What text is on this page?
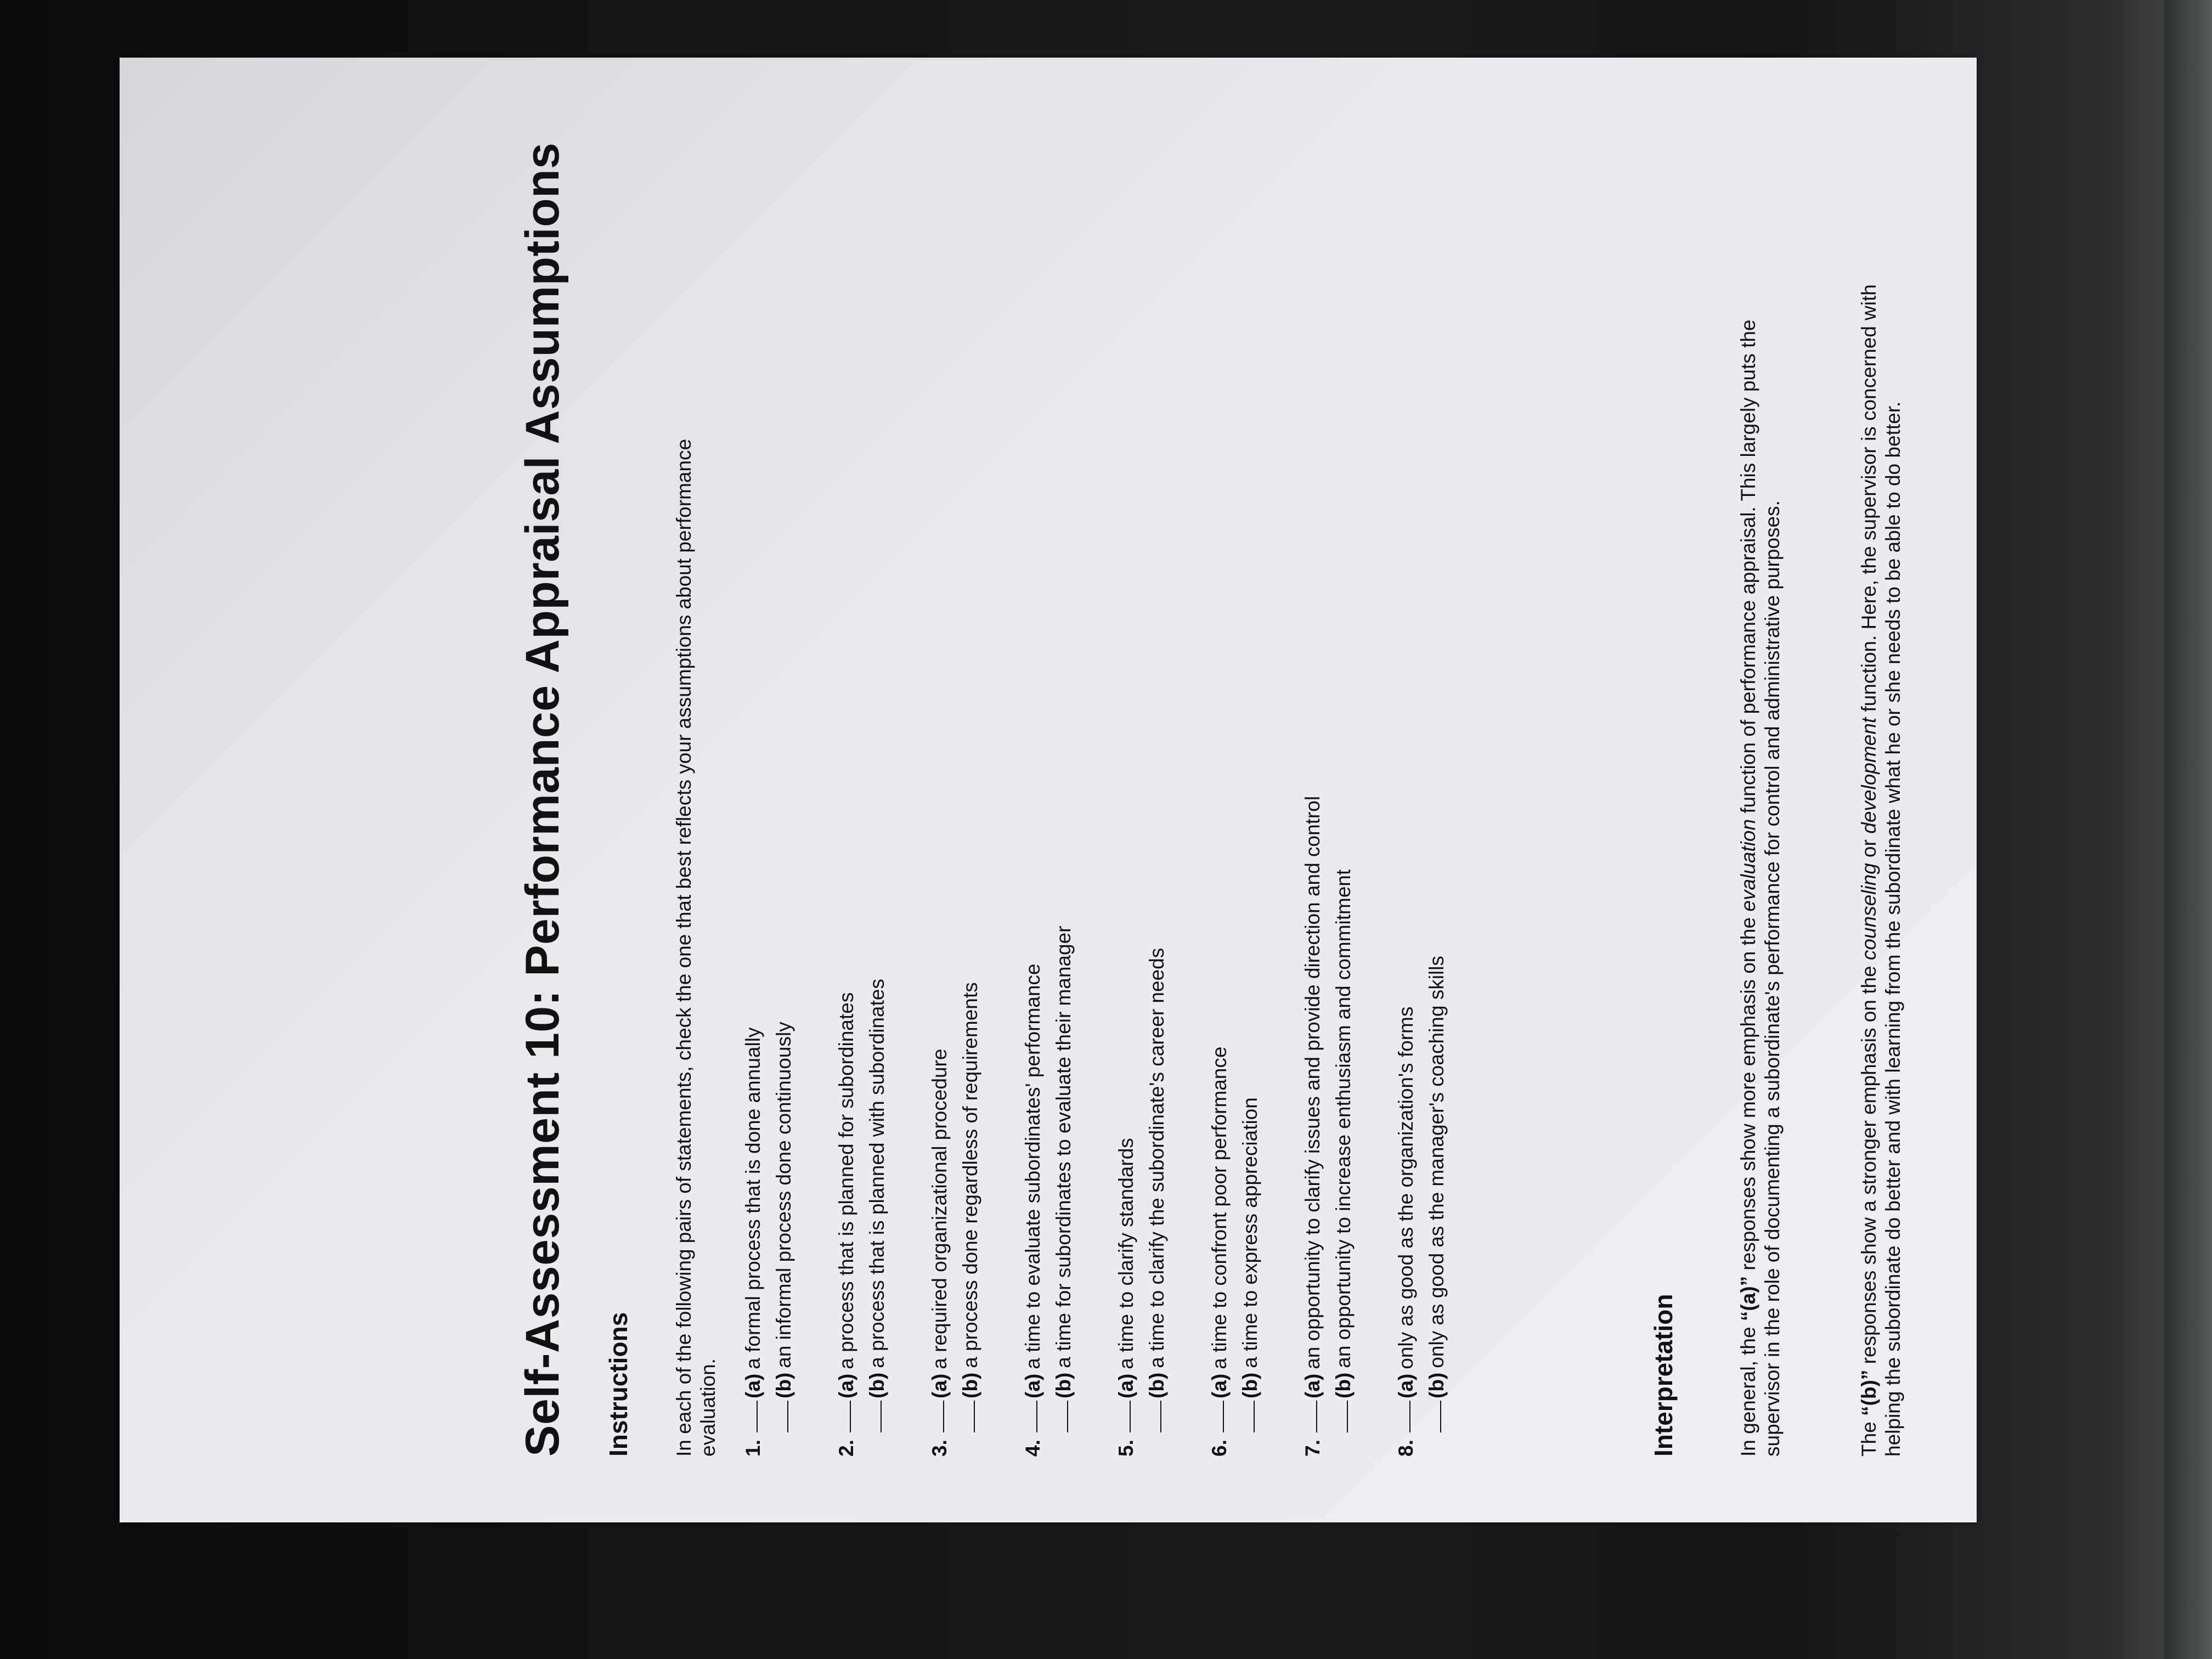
Self-Assessment 10: Performance Appraisal Assumptions Instructions In each of the following pairs of statements, check the one that best reflects your assumptions about performance evaluation. 1.
(a)
a formal process that is done annually
(b)
an informal process done continuously
2.
(a)
a process that is planned for subordinates
(b)
a process that is planned with subordinates
3.
(a)
a required organizational procedure
(b)
a process done regardless of requirements
4.
(a)
a time to evaluate subordinates' performance
(b)
a time for subordinates to evaluate their manager
5.
(a)
a time to clarify standards
(b)
a time to clarify the subordinate's career needs
6.
(a)
a time to confront poor performance
(b)
a time to express appreciation
7.
(a)
an opportunity to clarify issues and provide direction and control
(b)
an opportunity to increase enthusiasm and commitment
8.
(a)
only as good as the organization's forms
(b)
only as good as the manager's coaching skills
Interpretation	In general, the “(a)” responses show more emphasis on the evaluation function of performance appraisal. This largely puts the supervisor in the role of documenting a subordinate's performance for control and administrative purposes.	The “(b)” responses show a stronger emphasis on the counseling or development function. Here, the supervisor is concerned with helping the subordinate do better and with learning from the subordinate what he or she needs to be able to do better.
